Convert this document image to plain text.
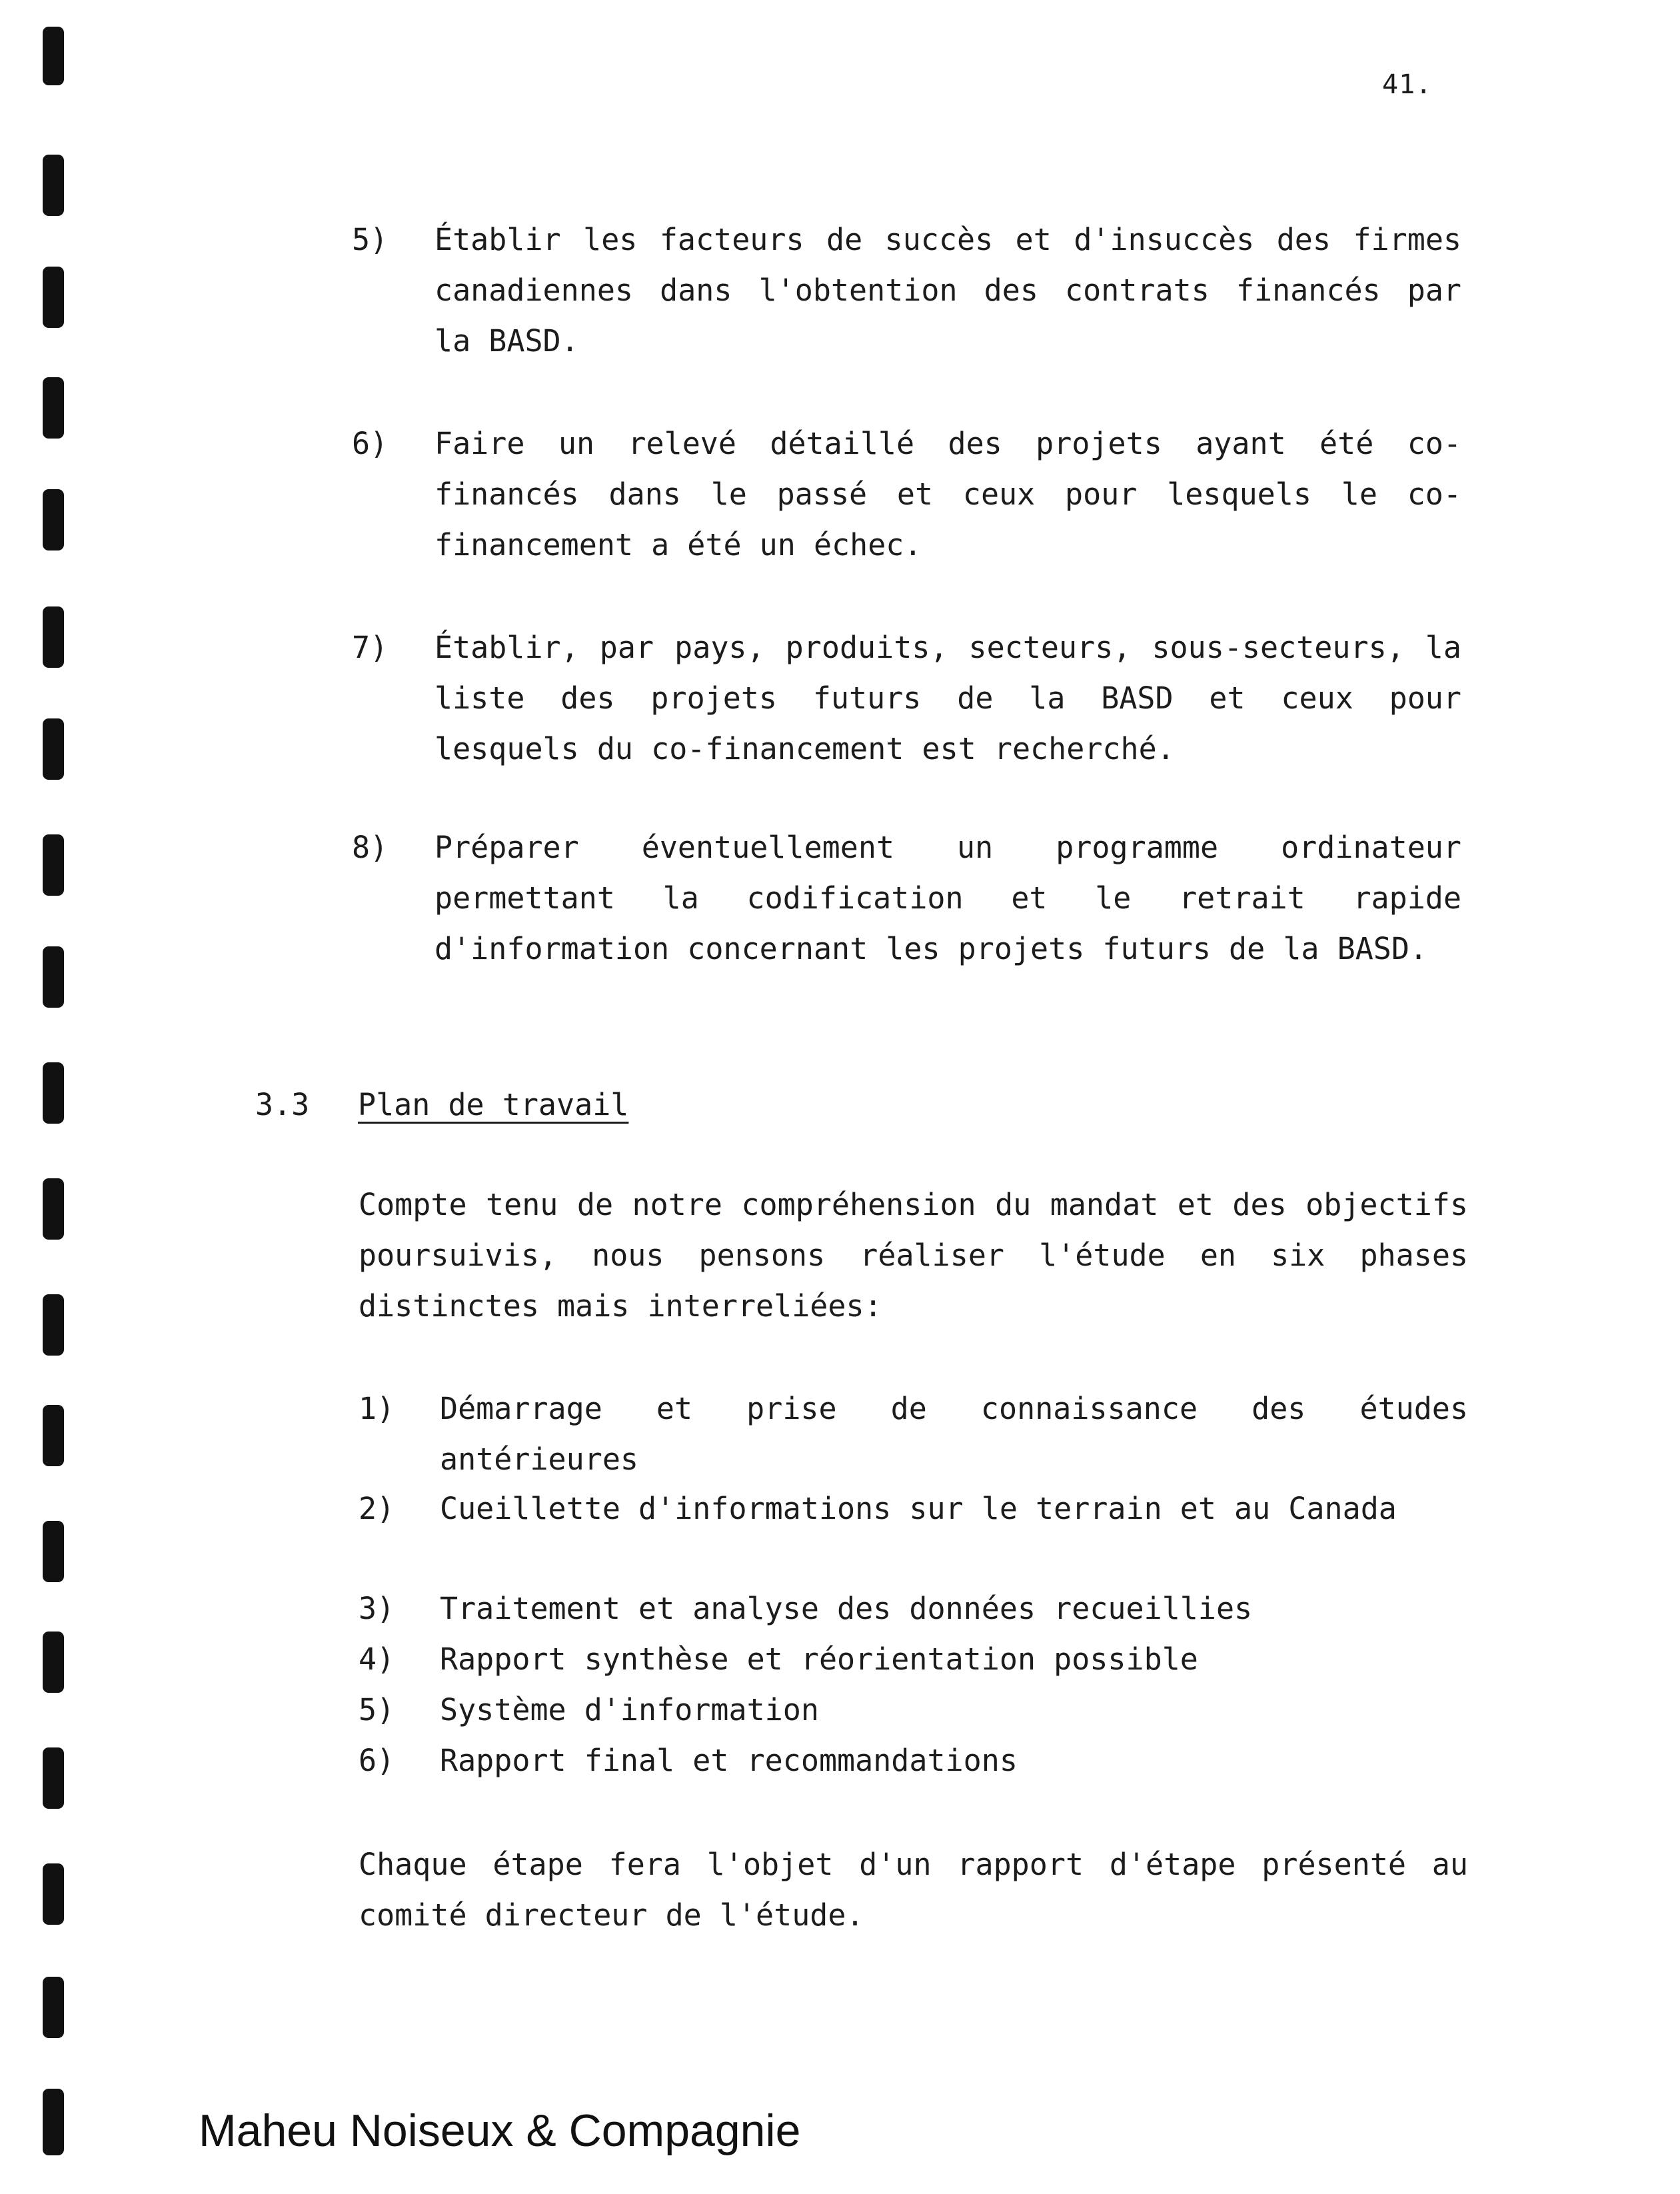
41.
5)	Établir les facteurs de succès et d'insuccès des firmes canadiennes dans l'obtention des contrats financés par la BASD.
6)	Faire un relevé détaillé des projets ayant été co-financés dans le passé et ceux pour lesquels le co-financement a été un échec.
7)	Établir, par pays, produits, secteurs, sous-secteurs, la liste des projets futurs de la BASD et ceux pour lesquels du co-financement est recherché.
8)	Préparer éventuellement un programme ordinateur permettant la codification et le retrait rapide d'information concernant les projets futurs de la BASD.
3.3	Plan de travail
Compte tenu de notre compréhension du mandat et des objectifs poursuivis, nous pensons réaliser l'étude en six phases distinctes mais interreliées:
1)	Démarrage et prise de connaissance des études antérieures
2)	Cueillette d'informations sur le terrain et au Canada
3)	Traitement et analyse des données recueillies
4)	Rapport synthèse et réorientation possible
5)	Système d'information
6)	Rapport final et recommandations
Chaque étape fera l'objet d'un rapport d'étape présenté au comité directeur de l'étude.
Maheu Noiseux & Compagnie
